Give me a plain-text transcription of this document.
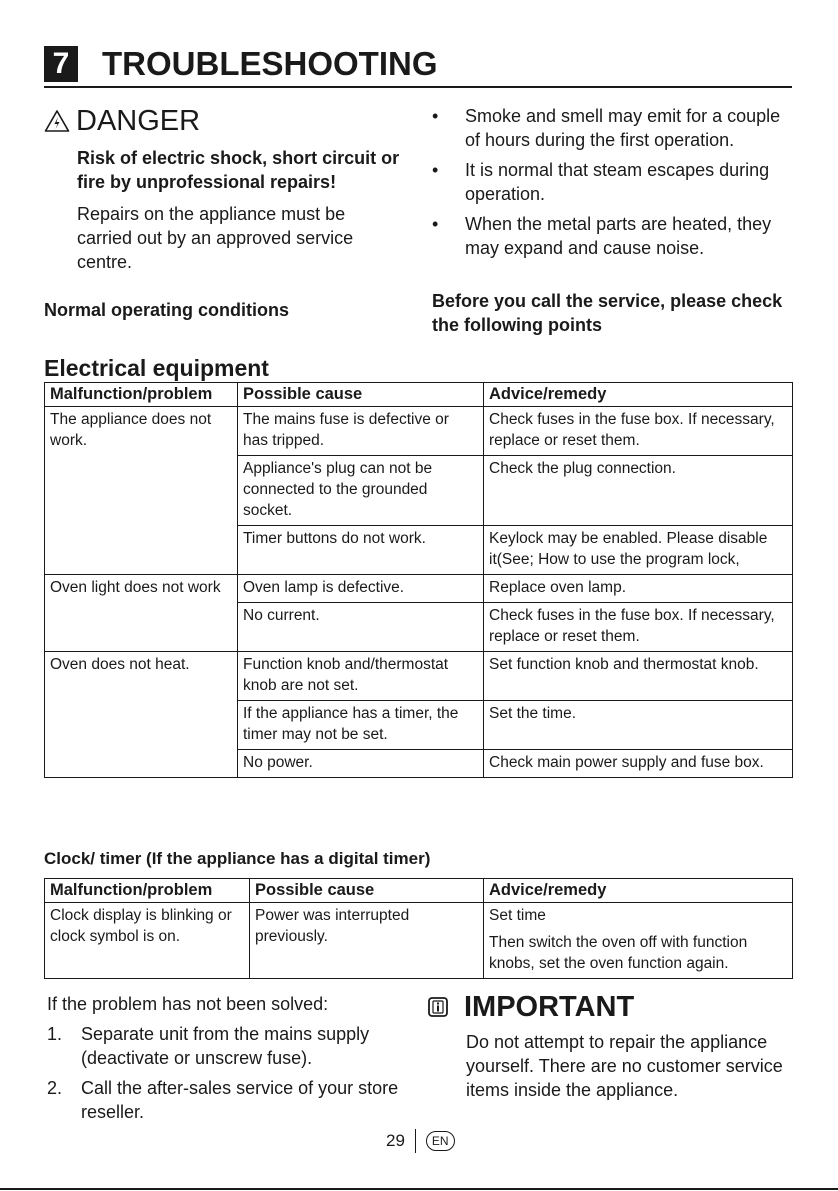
7 TROUBLESHOOTING
DANGER
Risk of electric shock, short circuit or fire by unprofessional repairs!
Repairs on the appliance must be carried out by an approved service centre.
Normal operating conditions
• Smoke and smell may emit for a couple of hours during the first operation.
• It is normal that steam escapes during operation.
• When the metal parts are heated, they may expand and cause noise.
Before you call the service, please check the following points
Electrical equipment
Malfunction/problem	Possible cause	Advice/remedy
The appliance does not work.	The mains fuse is defective or has tripped.	Check fuses in the fuse box. If necessary, replace or reset them.
	Appliance's plug can not be connected to the grounded socket.	Check the plug connection.
	Timer buttons do not work.	Keylock may be enabled. Please disable it(See; How to use the program lock,
Oven light does not work	Oven lamp is defective.	Replace oven lamp.
	No current.	Check fuses in the fuse box. If necessary, replace or reset them.
Oven does not heat.	Function knob and/thermostat knob are not set.	Set function knob and thermostat knob.
	If the appliance has a timer, the timer may not be set.	Set the time.
	No power.	Check main power supply and fuse box.
Clock/ timer (If the appliance has a digital timer)
Malfunction/problem	Possible cause	Advice/remedy
Clock display is blinking or clock symbol is on.	Power was interrupted previously.	Set time
Then switch the oven off with function knobs, set the oven function again.
If the problem has not been solved:
1. Separate unit from the mains supply (deactivate or unscrew fuse).
2. Call the after-sales service of your store reseller.
IMPORTANT
Do not attempt to repair the appliance yourself. There are no customer service items inside the appliance.
29	EN
